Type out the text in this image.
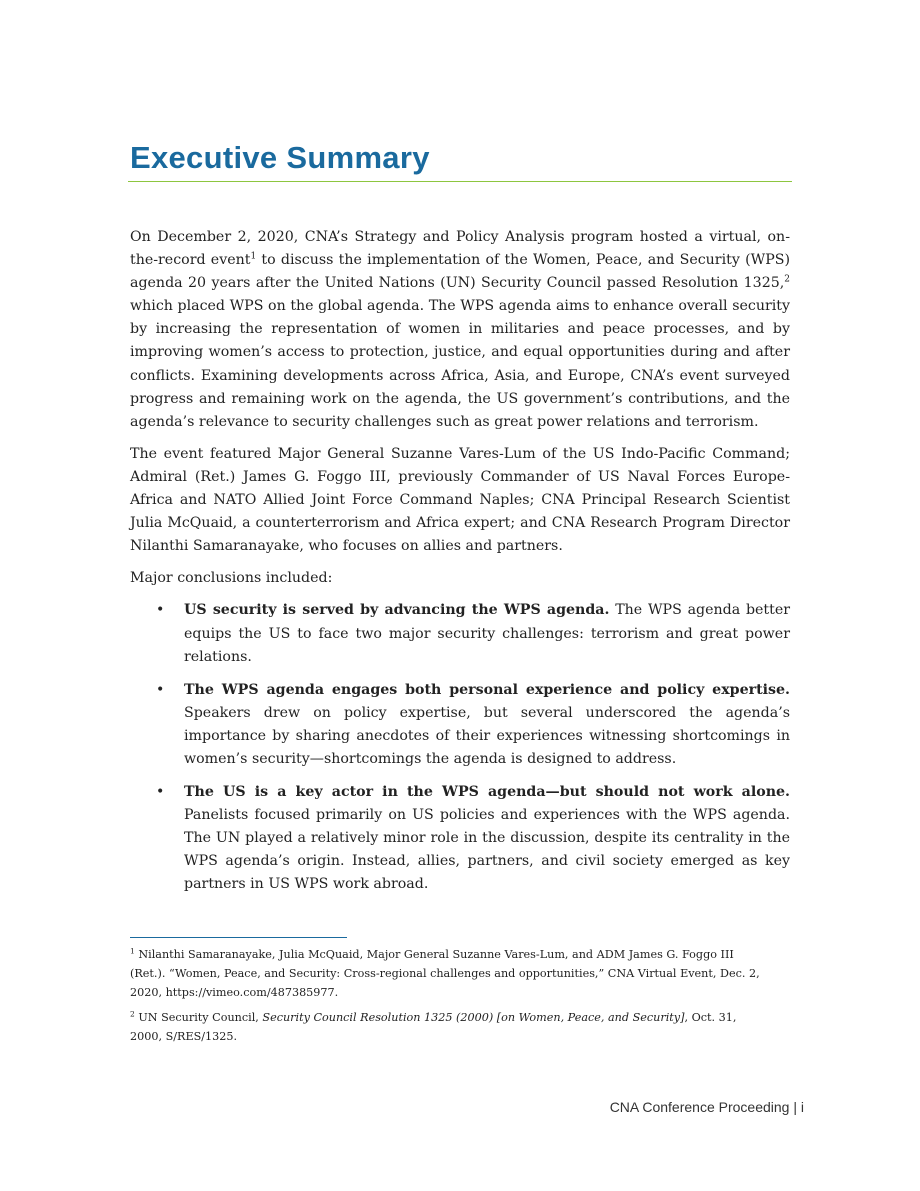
Executive Summary

On December 2, 2020, CNA’s Strategy and Policy Analysis program hosted a virtual, on-the-record event$^1$ to discuss the implementation of the Women, Peace, and Security (WPS) agenda 20 years after the United Nations (UN) Security Council passed Resolution 1325,$^2$ which placed WPS on the global agenda. The WPS agenda aims to enhance overall security by increasing the representation of women in militaries and peace processes, and by improving women’s access to protection, justice, and equal opportunities during and after conflicts. Examining developments across Africa, Asia, and Europe, CNA’s event surveyed progress and remaining work on the agenda, the US government’s contributions, and the agenda’s relevance to security challenges such as great power relations and terrorism.

The event featured Major General Suzanne Vares-Lum of the US Indo-Pacific Command; Admiral (Ret.) James G. Foggo III, previously Commander of US Naval Forces Europe-Africa and NATO Allied Joint Force Command Naples; CNA Principal Research Scientist Julia McQuaid, a counterterrorism and Africa expert; and CNA Research Program Director Nilanthi Samaranayake, who focuses on allies and partners.

Major conclusions included:

• US security is served by advancing the WPS agenda. The WPS agenda better equips the US to face two major security challenges: terrorism and great power relations.
• The WPS agenda engages both personal experience and policy expertise. Speakers drew on policy expertise, but several underscored the agenda’s importance by sharing anecdotes of their experiences witnessing shortcomings in women’s security—shortcomings the agenda is designed to address.
• The US is a key actor in the WPS agenda—but should not work alone. Panelists focused primarily on US policies and experiences with the WPS agenda. The UN played a relatively minor role in the discussion, despite its centrality in the WPS agenda’s origin. Instead, allies, partners, and civil society emerged as key partners in US WPS work abroad.

$^1$ Nilanthi Samaranayake, Julia McQuaid, Major General Suzanne Vares-Lum, and ADM James G. Foggo III (Ret.). “Women, Peace, and Security: Cross-regional challenges and opportunities,” CNA Virtual Event, Dec. 2, 2020, https://vimeo.com/487385977.

$^2$ UN Security Council, Security Council Resolution 1325 (2000) [on Women, Peace, and Security], Oct. 31, 2000, S/RES/1325.

CNA Conference Proceeding | i
